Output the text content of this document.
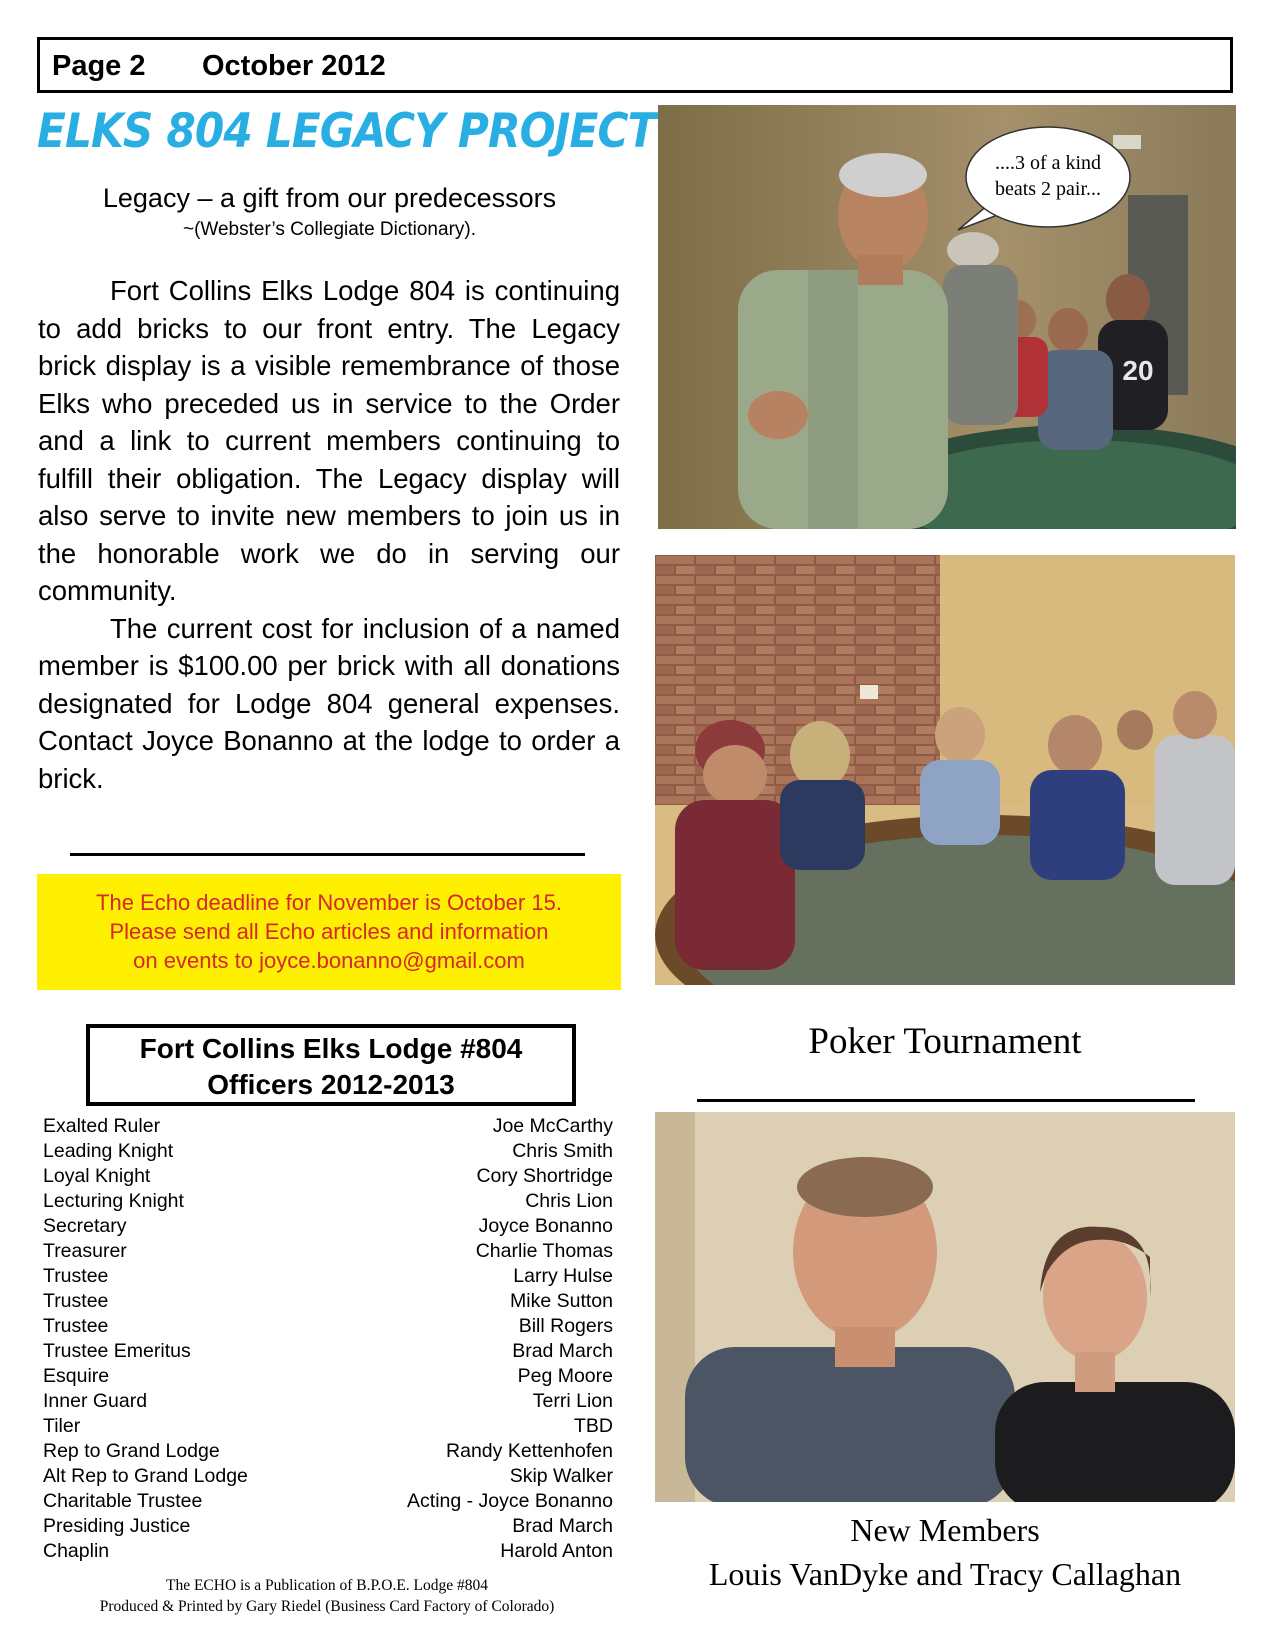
Page 2 October 2012
ELKS 804 LEGACY PROJECT
Legacy – a gift from our predecessors
~(Webster’s Collegiate Dictionary).

Fort Collins Elks Lodge 804 is continuing to add bricks to our front entry. The Legacy brick display is a visible remembrance of those Elks who preceded us in service to the Order and a link to current members continuing to fulfill their obligation. The Legacy display will also serve to invite new members to join us in the honorable work we do in serving our community.

The current cost for inclusion of a named member is $100.00 per brick with all donations designated for Lodge 804 general expenses. Contact Joyce Bonanno at the lodge to order a brick.

The Echo deadline for November is October 15.
Please send all Echo articles and information
on events to joyce.bonanno@gmail.com
Fort Collins Elks Lodge #804
Officers 2012-2013
Exalted Ruler	Joe McCarthy
Leading Knight	Chris Smith
Loyal Knight	Cory Shortridge
Lecturing Knight	Chris Lion
Secretary	Joyce Bonanno
Treasurer	Charlie Thomas
Trustee	Larry Hulse
Trustee	Mike Sutton
Trustee	Bill Rogers
Trustee Emeritus	Brad March
Esquire	Peg Moore
Inner Guard	Terri Lion
Tiler	TBD
Rep to Grand Lodge	Randy Kettenhofen
Alt Rep to Grand Lodge	Skip Walker
Charitable Trustee	Acting - Joyce Bonanno
Presiding Justice	Brad March
Chaplin	Harold Anton
The ECHO is a Publication of B.P.O.E. Lodge #804
Produced & Printed by Gary Riedel (Business Card Factory of Colorado)
20
....3 of a kind
beats 2 pair...
Poker Tournament
New Members
Louis VanDyke and Tracy Callaghan
